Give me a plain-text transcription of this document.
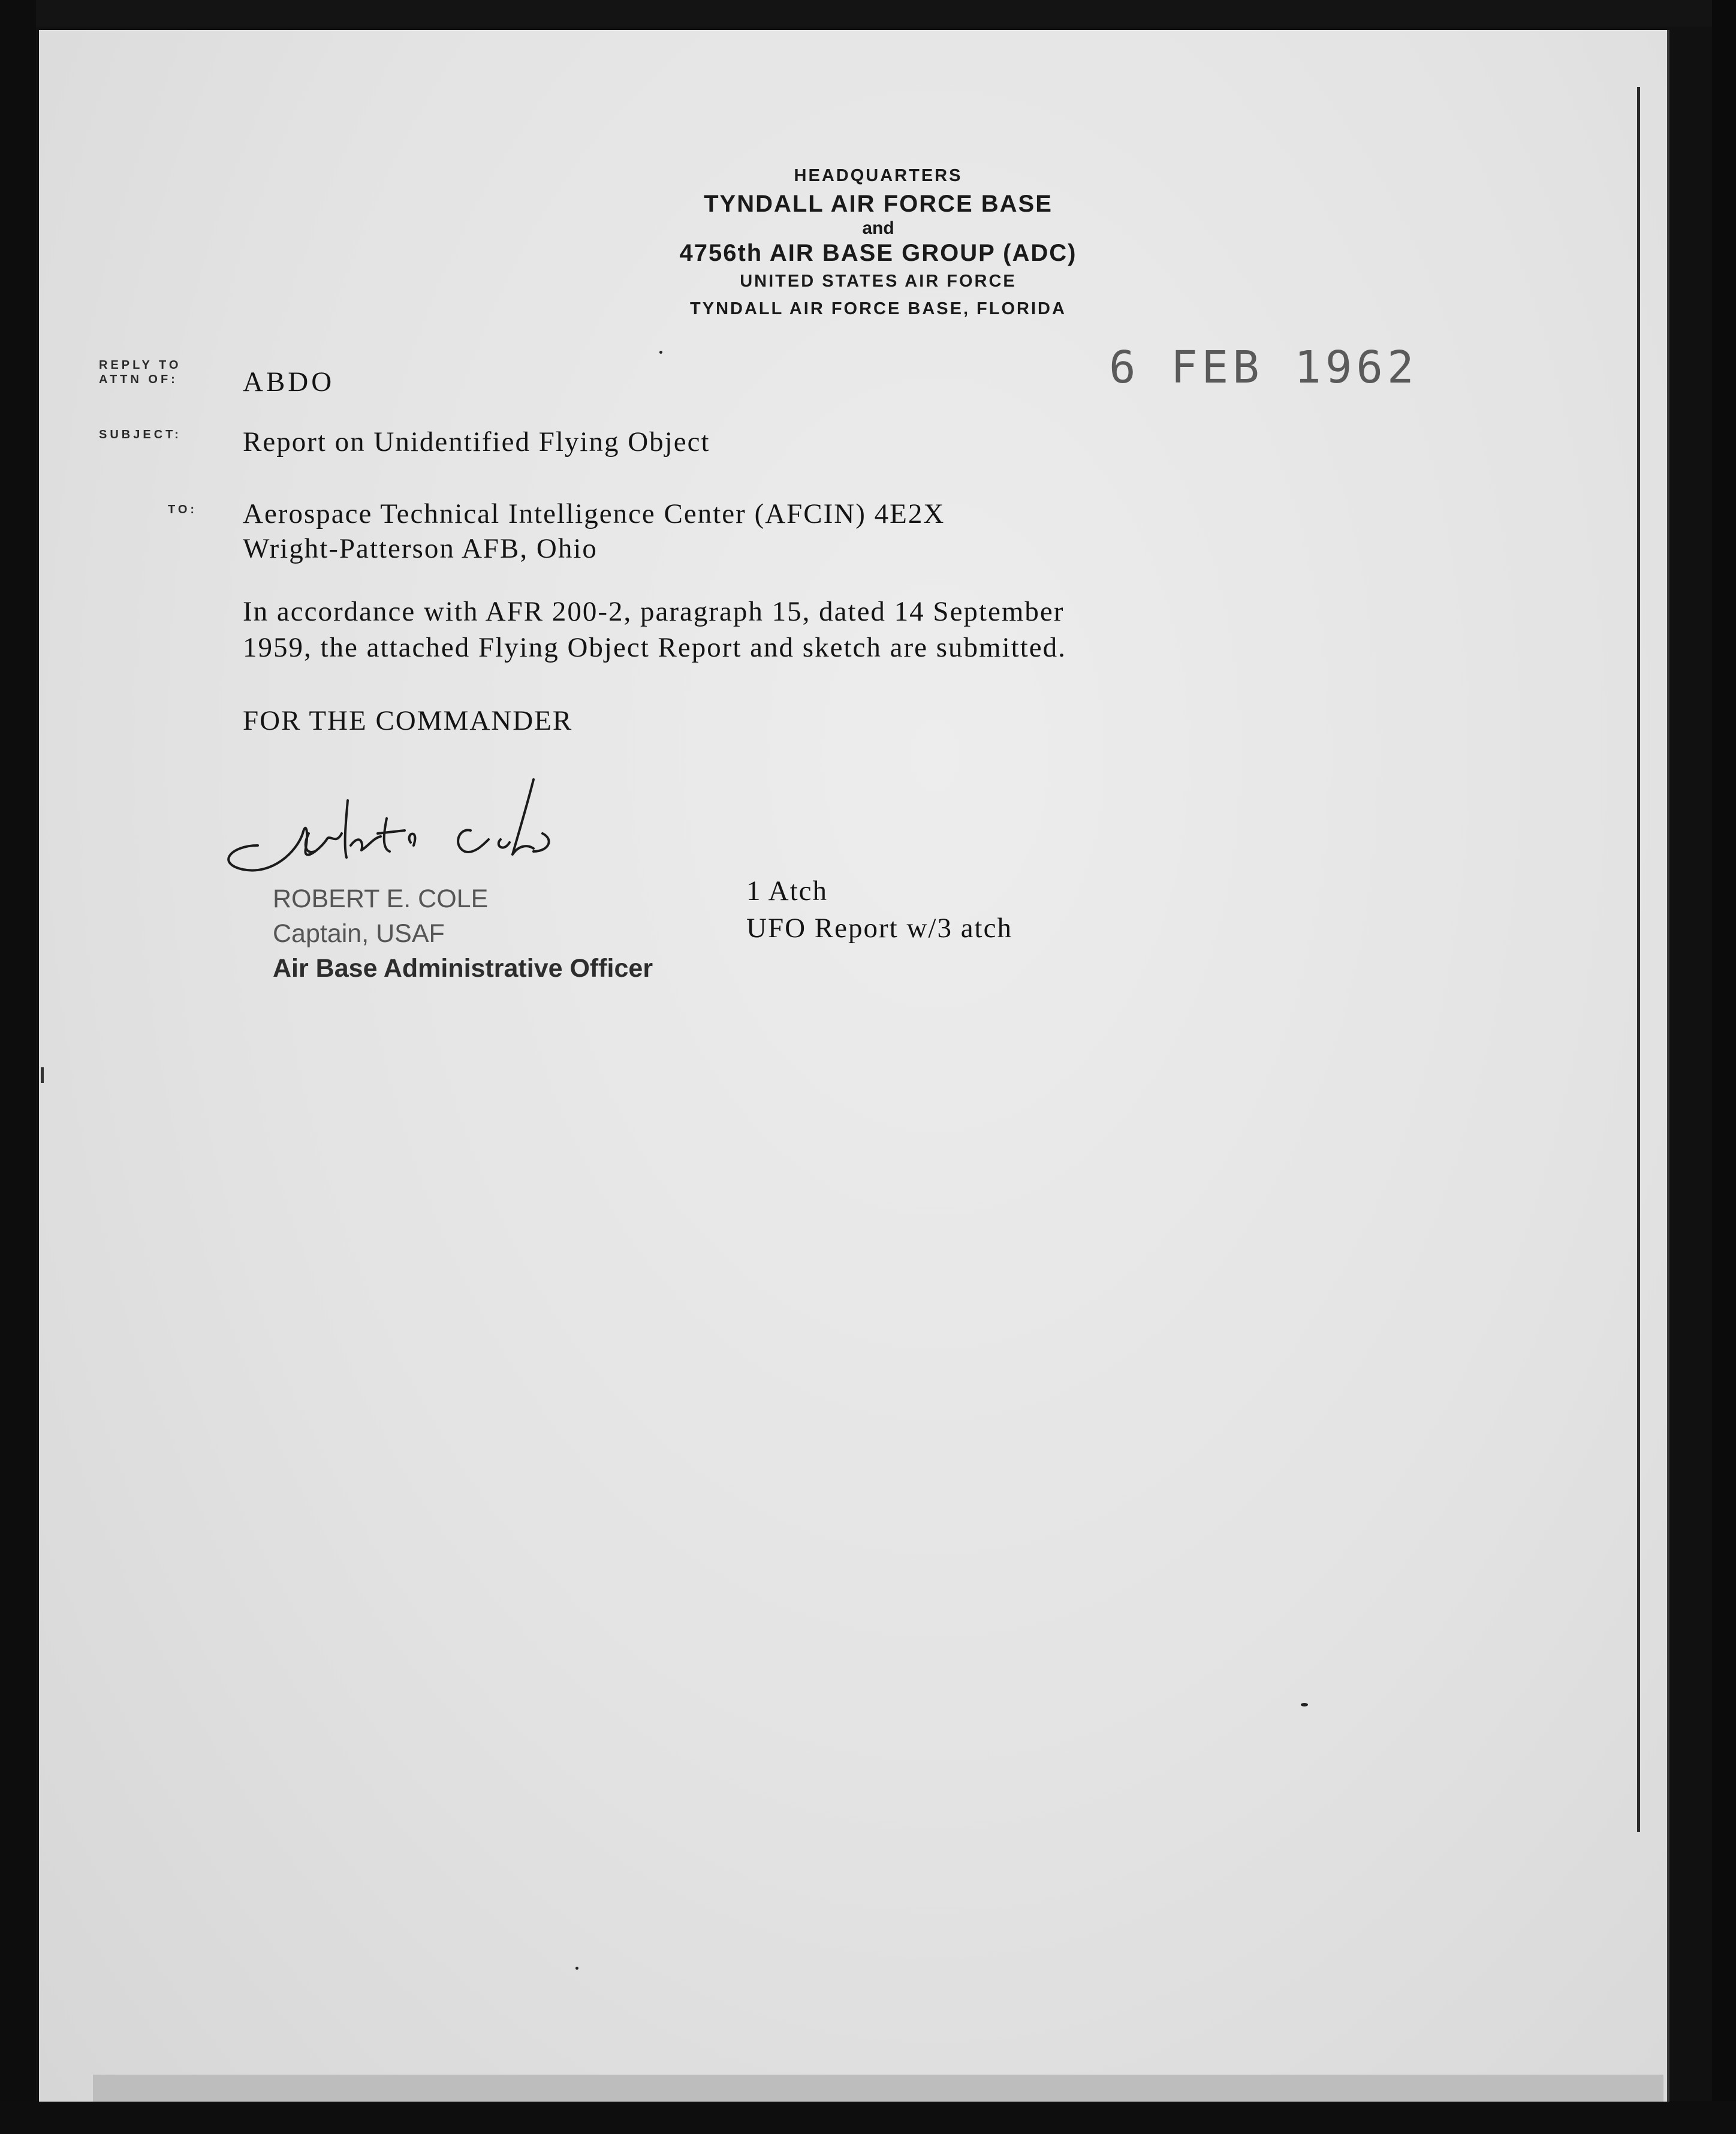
HEADQUARTERS
TYNDALL AIR FORCE BASE
and
4756th AIR BASE GROUP (ADC)
UNITED STATES AIR FORCE
TYNDALL AIR FORCE BASE, FLORIDA
REPLY TO
ATTN OF:	ABDO	6 FEB 1962
SUBJECT: Report on Unidentified Flying Object
TO: Aerospace Technical Intelligence Center (AFCIN) 4E2X
Wright-Patterson AFB, Ohio
In accordance with AFR 200-2, paragraph 15, dated 14 September
1959, the attached Flying Object Report and sketch are submitted.
FOR THE COMMANDER
ROBERT E. COLE
Captain, USAF
Air Base Administrative Officer
1 Atch
UFO Report w/3 atch
